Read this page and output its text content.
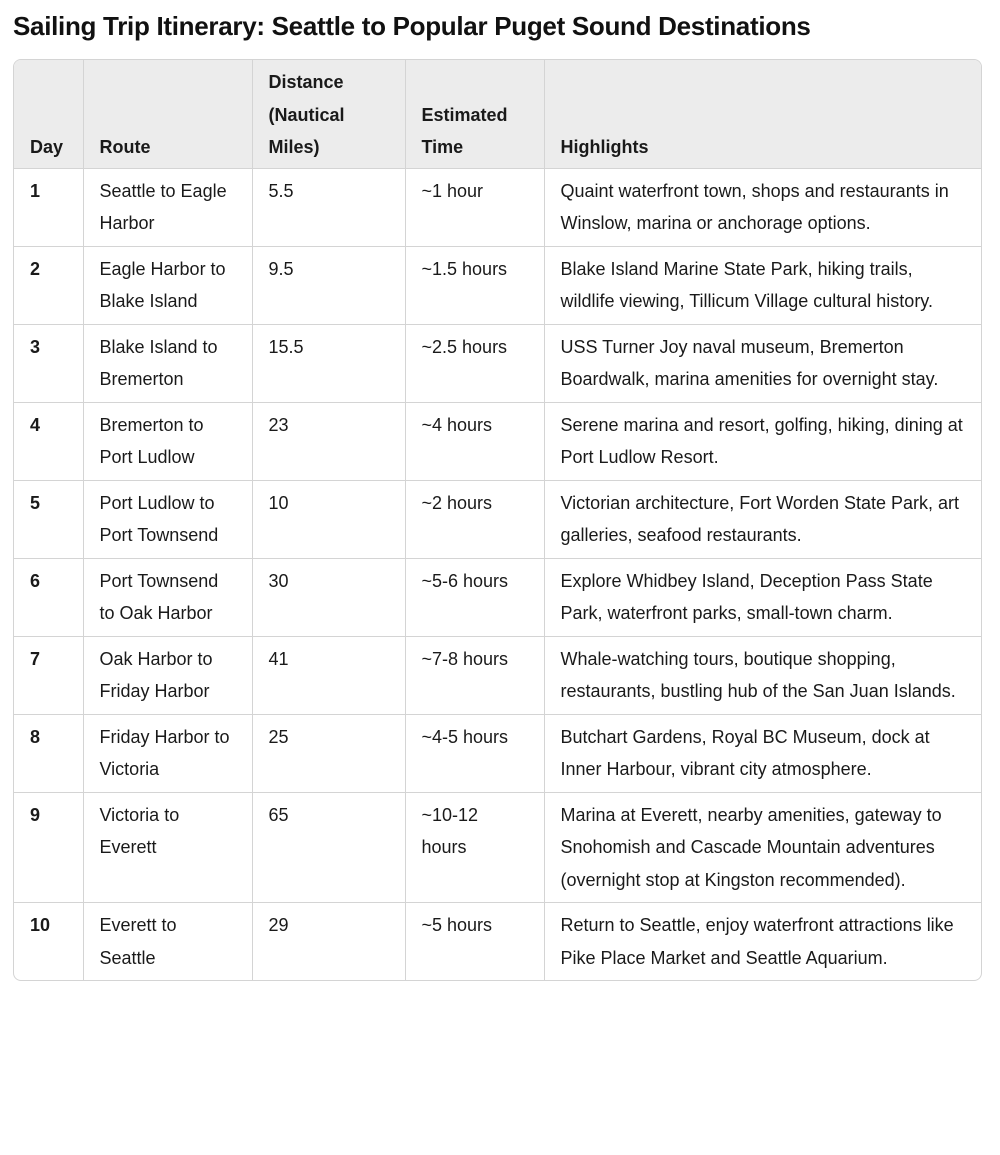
Sailing Trip Itinerary: Seattle to Popular Puget Sound Destinations
Day	Route	Distance (Nautical Miles)	Estimated Time	Highlights
1	Seattle to Eagle Harbor	5.5	~1 hour	Quaint waterfront town, shops and restaurants in Winslow, marina or anchorage options.
2	Eagle Harbor to Blake Island	9.5	~1.5 hours	Blake Island Marine State Park, hiking trails, wildlife viewing, Tillicum Village cultural history.
3	Blake Island to Bremerton	15.5	~2.5 hours	USS Turner Joy naval museum, Bremerton Boardwalk, marina amenities for overnight stay.
4	Bremerton to Port Ludlow	23	~4 hours	Serene marina and resort, golfing, hiking, dining at Port Ludlow Resort.
5	Port Ludlow to Port Townsend	10	~2 hours	Victorian architecture, Fort Worden State Park, art galleries, seafood restaurants.
6	Port Townsend to Oak Harbor	30	~5-6 hours	Explore Whidbey Island, Deception Pass State Park, waterfront parks, small-town charm.
7	Oak Harbor to Friday Harbor	41	~7-8 hours	Whale-watching tours, boutique shopping, restaurants, bustling hub of the San Juan Islands.
8	Friday Harbor to Victoria	25	~4-5 hours	Butchart Gardens, Royal BC Museum, dock at Inner Harbour, vibrant city atmosphere.
9	Victoria to Everett	65	~10-12 hours	Marina at Everett, nearby amenities, gateway to Snohomish and Cascade Mountain adventures (overnight stop at Kingston recommended).
10	Everett to Seattle	29	~5 hours	Return to Seattle, enjoy waterfront attractions like Pike Place Market and Seattle Aquarium.
